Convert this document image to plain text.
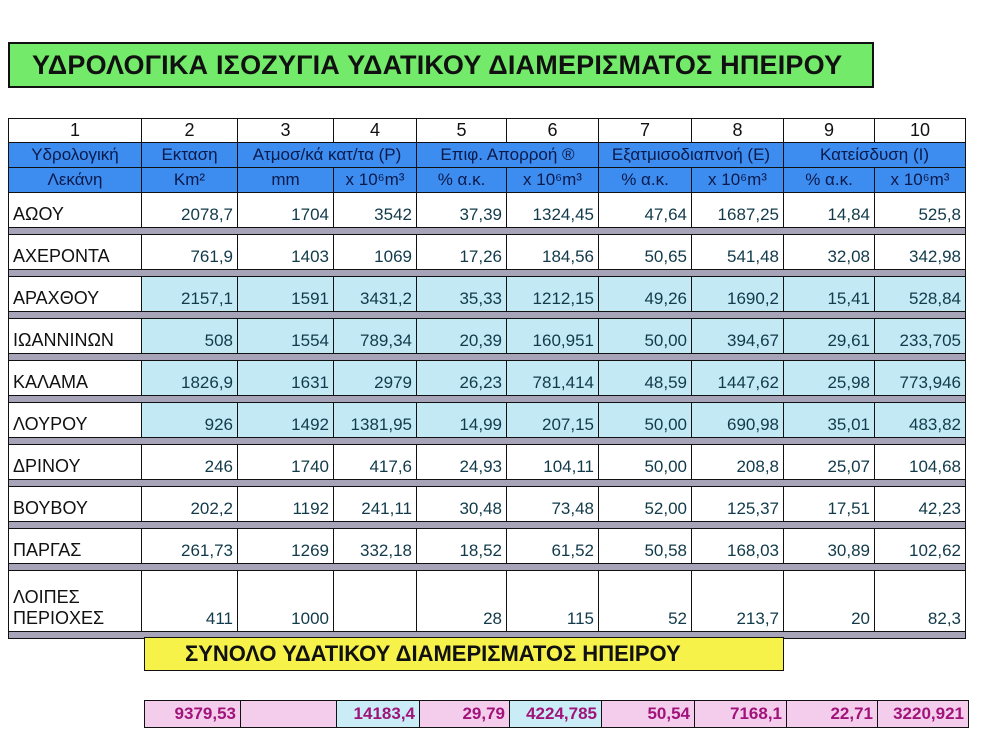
ΥΔΡΟΛΟΓΙΚΑ ΙΣΟΖΥΓΙΑ ΥΔΑΤΙΚΟΥ ΔΙΑΜΕΡΙΣΜΑΤΟΣ ΗΠΕΙΡΟΥ
1	2	3	4	5	6	7	8	9	10
Υδρολογική	Εκταση	Ατμοσ/κά κατ/τα (P)		Επιφ. Απορροή ®		Εξατμισοδιαπνοή (Ε)		Κατείσδυση (Ι)	
Λεκάνη	Km²	mm	x 10⁶m³	% α.κ.	x 10⁶m³	% α.κ.	x 10⁶m³	% α.κ.	x 10⁶m³
ΑΩΟΥ	2078,7	1704	3542	37,39	1324,45	47,64	1687,25	14,84	525,8

ΑΧΕΡΟΝΤΑ	761,9	1403	1069	17,26	184,56	50,65	541,48	32,08	342,98

ΑΡΑΧΘΟΥ	2157,1	1591	3431,2	35,33	1212,15	49,26	1690,2	15,41	528,84

ΙΩΑΝΝΙΝΩΝ	508	1554	789,34	20,39	160,951	50,00	394,67	29,61	233,705

ΚΑΛΑΜΑ	1826,9	1631	2979	26,23	781,414	48,59	1447,62	25,98	773,946

ΛΟΥΡΟΥ	926	1492	1381,95	14,99	207,15	50,00	690,98	35,01	483,82

ΔΡΙΝΟΥ	246	1740	417,6	24,93	104,11	50,00	208,8	25,07	104,68

ΒΟΥΒΟΥ	202,2	1192	241,11	30,48	73,48	52,00	125,37	17,51	42,23

ΠΑΡΓΑΣ	261,73	1269	332,18	18,52	61,52	50,58	168,03	30,89	102,62

ΛΟΙΠΕΣ
ΠΕΡΙΟΧΕΣ	411	1000		28	115	52	213,7	20	82,3

ΣΥΝΟΛΟ ΥΔΑΤΙΚΟΥ ΔΙΑΜΕΡΙΣΜΑΤΟΣ ΗΠΕΙΡΟΥ
9379,53		14183,4	29,79	4224,785	50,54	7168,1	22,71	3220,921
